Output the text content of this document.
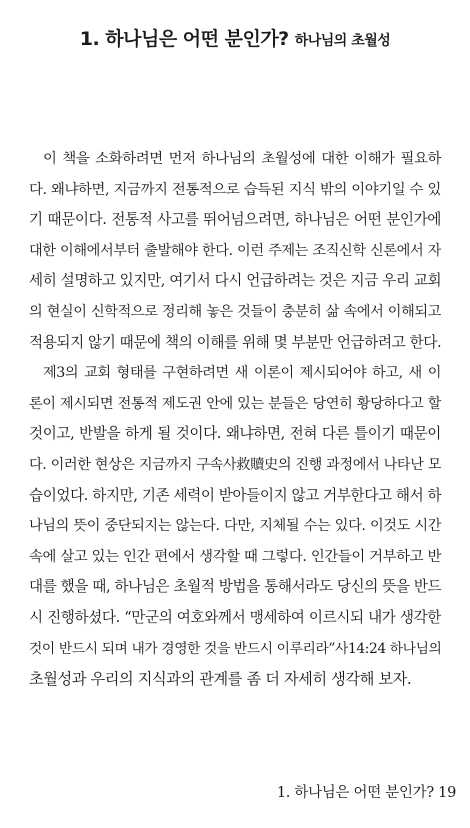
1. 하나님은 어떤 분인가? 하나님의 초월성
이 책을 소화하려면 먼저 하나님의 초월성에 대한 이해가 필요하
다. 왜냐하면, 지금까지 전통적으로 습득된 지식 밖의 이야기일 수 있
기 때문이다. 전통적 사고를 뛰어넘으려면, 하나님은 어떤 분인가에
대한 이해에서부터 출발해야 한다. 이런 주제는 조직신학 신론에서 자
세히 설명하고 있지만, 여기서 다시 언급하려는 것은 지금 우리 교회
의 현실이 신학적으로 정리해 놓은 것들이 충분히 삶 속에서 이해되고
적용되지 않기 때문에 책의 이해를 위해 몇 부분만 언급하려고 한다.
제3의 교회 형태를 구현하려면 새 이론이 제시되어야 하고, 새 이
론이 제시되면 전통적 제도권 안에 있는 분들은 당연히 황당하다고 할
것이고, 반발을 하게 될 것이다. 왜냐하면, 전혀 다른 틀이기 때문이
다. 이러한 현상은 지금까지 구속사救贖史의 진행 과정에서 나타난 모
습이었다. 하지만, 기존 세력이 받아들이지 않고 거부한다고 해서 하
나님의 뜻이 중단되지는 않는다. 다만, 지체될 수는 있다. 이것도 시간
속에 살고 있는 인간 편에서 생각할 때 그렇다. 인간들이 거부하고 반
대를 했을 때, 하나님은 초월적 방법을 통해서라도 당신의 뜻을 반드
시 진행하셨다. “만군의 여호와께서 맹세하여 이르시되 내가 생각한
것이 반드시 되며 내가 경영한 것을 반드시 이루리라”사14:24 하나님의
초월성과 우리의 지식과의 관계를 좀 더 자세히 생각해 보자.
1. 하나님은 어떤 분인가? 19
